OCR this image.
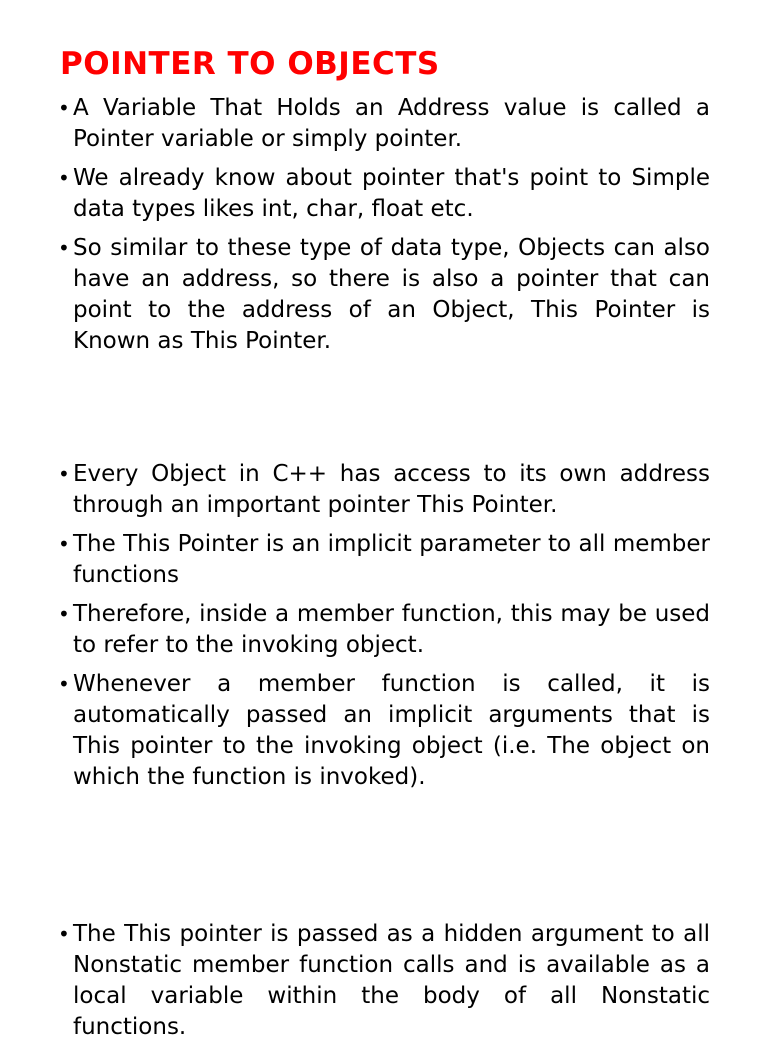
POINTER TO OBJECTS
• A Variable That Holds an Address value is called a Pointer variable or simply pointer.
• We already know about pointer that's point to Simple data types likes int, char, float etc.
• So similar to these type of data type, Objects can also have an address, so there is also a pointer that can point to the address of an Object, This Pointer is Known as This Pointer.
• Every Object in C++ has access to its own address through an important pointer This Pointer.
• The This Pointer is an implicit parameter to all member functions
• Therefore, inside a member function, this may be used to refer to the invoking object.
• Whenever a member function is called, it is automatically passed an implicit arguments that is This pointer to the invoking object (i.e. The object on which the function is invoked).
• The This pointer is passed as a hidden argument to all Nonstatic member function calls and is available as a local variable within the body of all Nonstatic functions.
